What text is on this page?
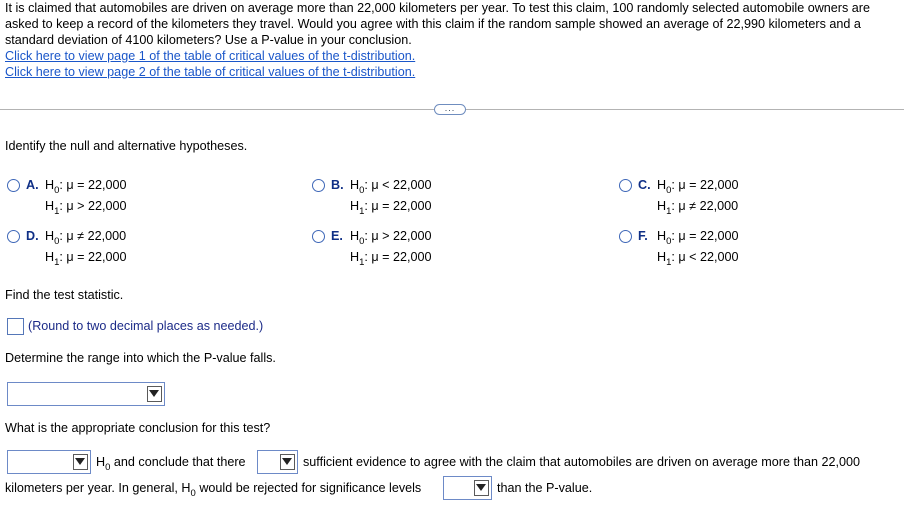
It is claimed that automobiles are driven on average more than 22,000 kilometers per year. To test this claim, 100 randomly selected automobile owners are asked to keep a record of the kilometers they travel. Would you agree with this claim if the random sample showed an average of 22,990 kilometers and a standard deviation of 4100 kilometers? Use a P-value in your conclusion.
Click here to view page 1 of the table of critical values of the t-distribution.
Click here to view page 2 of the table of critical values of the t-distribution.
...
Identify the null and alternative hypotheses.
A. $H_0$: μ = 22,000
$H_1$: μ > 22,000
B. $H_0$: μ < 22,000
$H_1$: μ = 22,000
C. $H_0$: μ = 22,000
$H_1$: μ ≠ 22,000
D. $H_0$: μ ≠ 22,000
$H_1$: μ = 22,000
E. $H_0$: μ > 22,000
$H_1$: μ = 22,000
F. $H_0$: μ = 22,000
$H_1$: μ < 22,000
Find the test statistic.
(Round to two decimal places as needed.)
Determine the range into which the P-value falls.
What is the appropriate conclusion for this test?
$H_0$ and conclude that there	sufficient evidence to agree with the claim that automobiles are driven on average more than 22,000
kilometers per year. In general, $H_0$ would be rejected for significance levels	than the P-value.
